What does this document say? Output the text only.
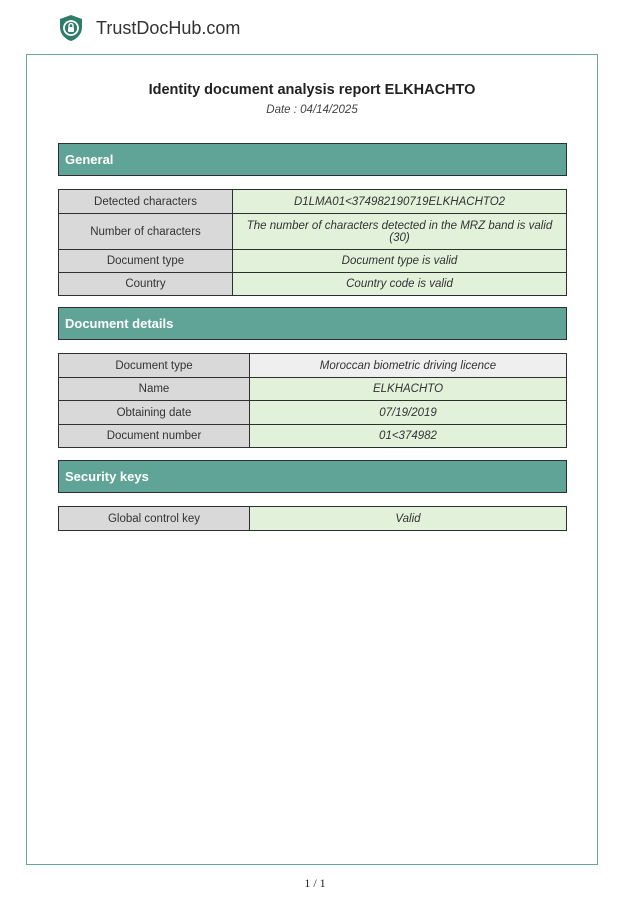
TrustDocHub.com
Identity document analysis report ELKHACHTO
Date : 04/14/2025
General
Detected characters	D1LMA01<374982190719ELKHACHTO2
Number of characters	The number of characters detected in the MRZ band is valid (30)
Document type	Document type is valid
Country	Country code is valid
Document details
Document type	Moroccan biometric driving licence
Name	ELKHACHTO
Obtaining date	07/19/2019
Document number	01<374982
Security keys
Global control key	Valid
1 / 1
